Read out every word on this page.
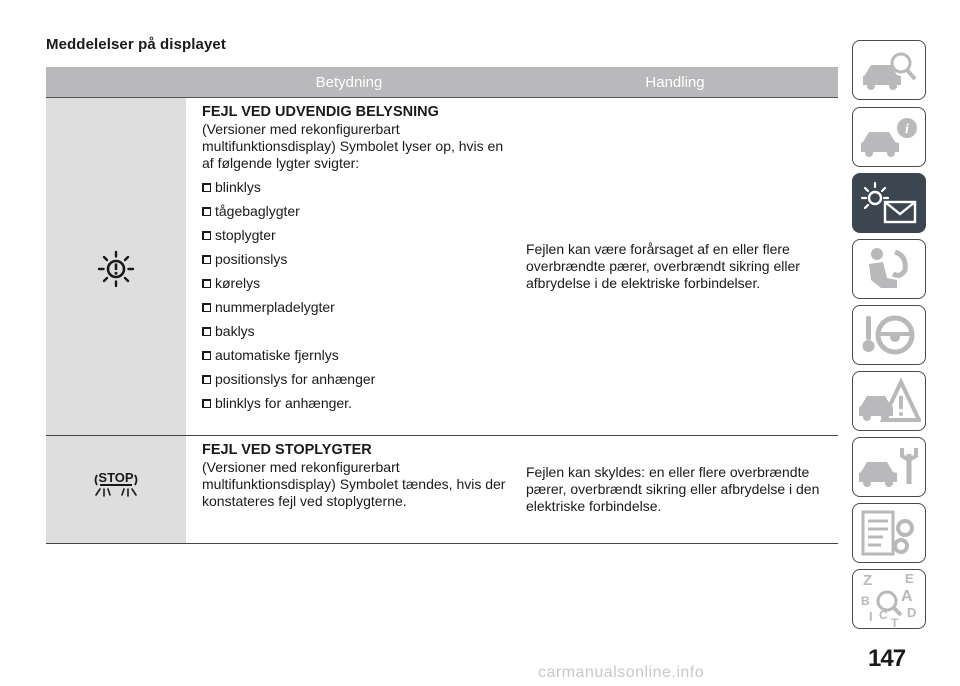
Meddelelser på displayet
Betydning	Handling
FEJL VED UDVENDIG BELYSNING
(Versioner med rekonfigurerbart multifunktionsdisplay) Symbolet lyser op, hvis en af følgende lygter svigter:
blinklys
tågebaglygter
stoplygter
positionslys
kørelys
nummerpladelygter
baklys
automatiske fjernlys
positionslys for anhænger
blinklys for anhænger.
Fejlen kan være forårsaget af en eller flere overbrændte pærer, overbrændt sikring eller afbrydelse i de elektriske forbindelser.
STOP
FEJL VED STOPLYGTER
(Versioner med rekonfigurerbart multifunktionsdisplay) Symbolet tændes, hvis der konstateres fejl ved stoplygterne.
Fejlen kan skyldes: en eller flere overbrændte pærer, overbrændt sikring eller afbrydelse i den elektriske forbindelse.
i
Z	E
B A
I C D
T
147
carmanualsonline.info
